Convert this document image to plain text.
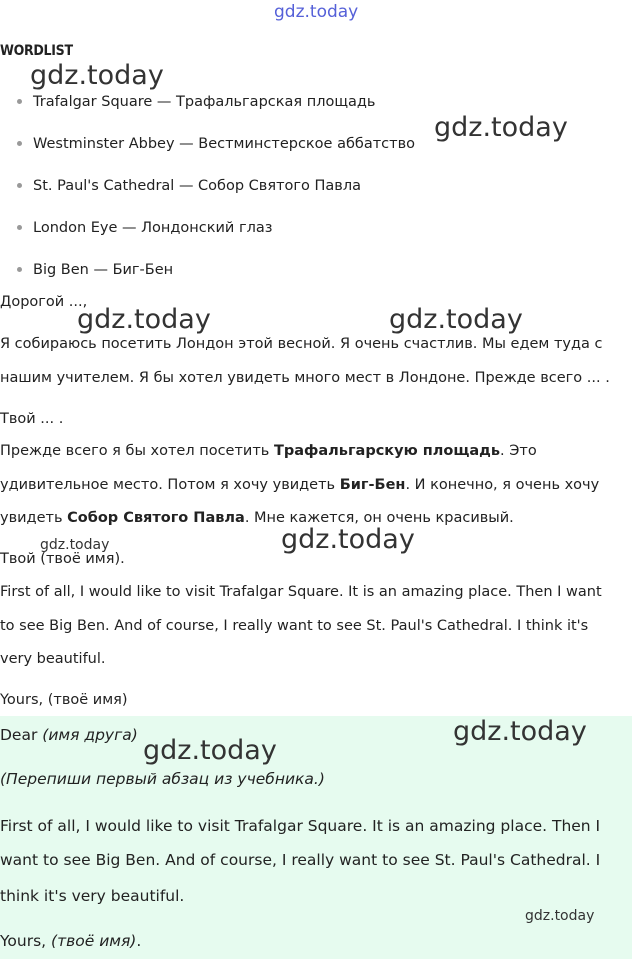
gdz.today
gdz.today
gdz.today
gdz.today	gdz.today
gdz.today	gdz.today
gdz.today
gdz.today
gdz.today
WORDLIST
Trafalgar Square — Трафальгарская площадь
Westminster Abbey — Вестминстерское аббатство
St. Paul's Cathedral — Собор Святого Павла
London Eye — Лондонский глаз
Big Ben — Биг-Бен
Дорогой ...,
Я собираюсь посетить Лондон этой весной. Я очень счастлив. Мы едем туда с
нашим учителем. Я бы хотел увидеть много мест в Лондоне. Прежде всего ... .
Твой ... .
Прежде всего я бы хотел посетить Трафальгарскую площадь. Это
удивительное место. Потом я хочу увидеть Биг-Бен. И конечно, я очень хочу
увидеть Собор Святого Павла. Мне кажется, он очень красивый.
Твой (твоё имя).
First of all, I would like to visit Trafalgar Square. It is an amazing place. Then I want
to see Big Ben. And of course, I really want to see St. Paul's Cathedral. I think it's
very beautiful.
Yours, (твоё имя)
Dear (имя друга)
(Перепиши первый абзац из учебника.)
First of all, I would like to visit Trafalgar Square. It is an amazing place. Then I
want to see Big Ben. And of course, I really want to see St. Paul's Cathedral. I
think it's very beautiful.
Yours, (твоё имя).
